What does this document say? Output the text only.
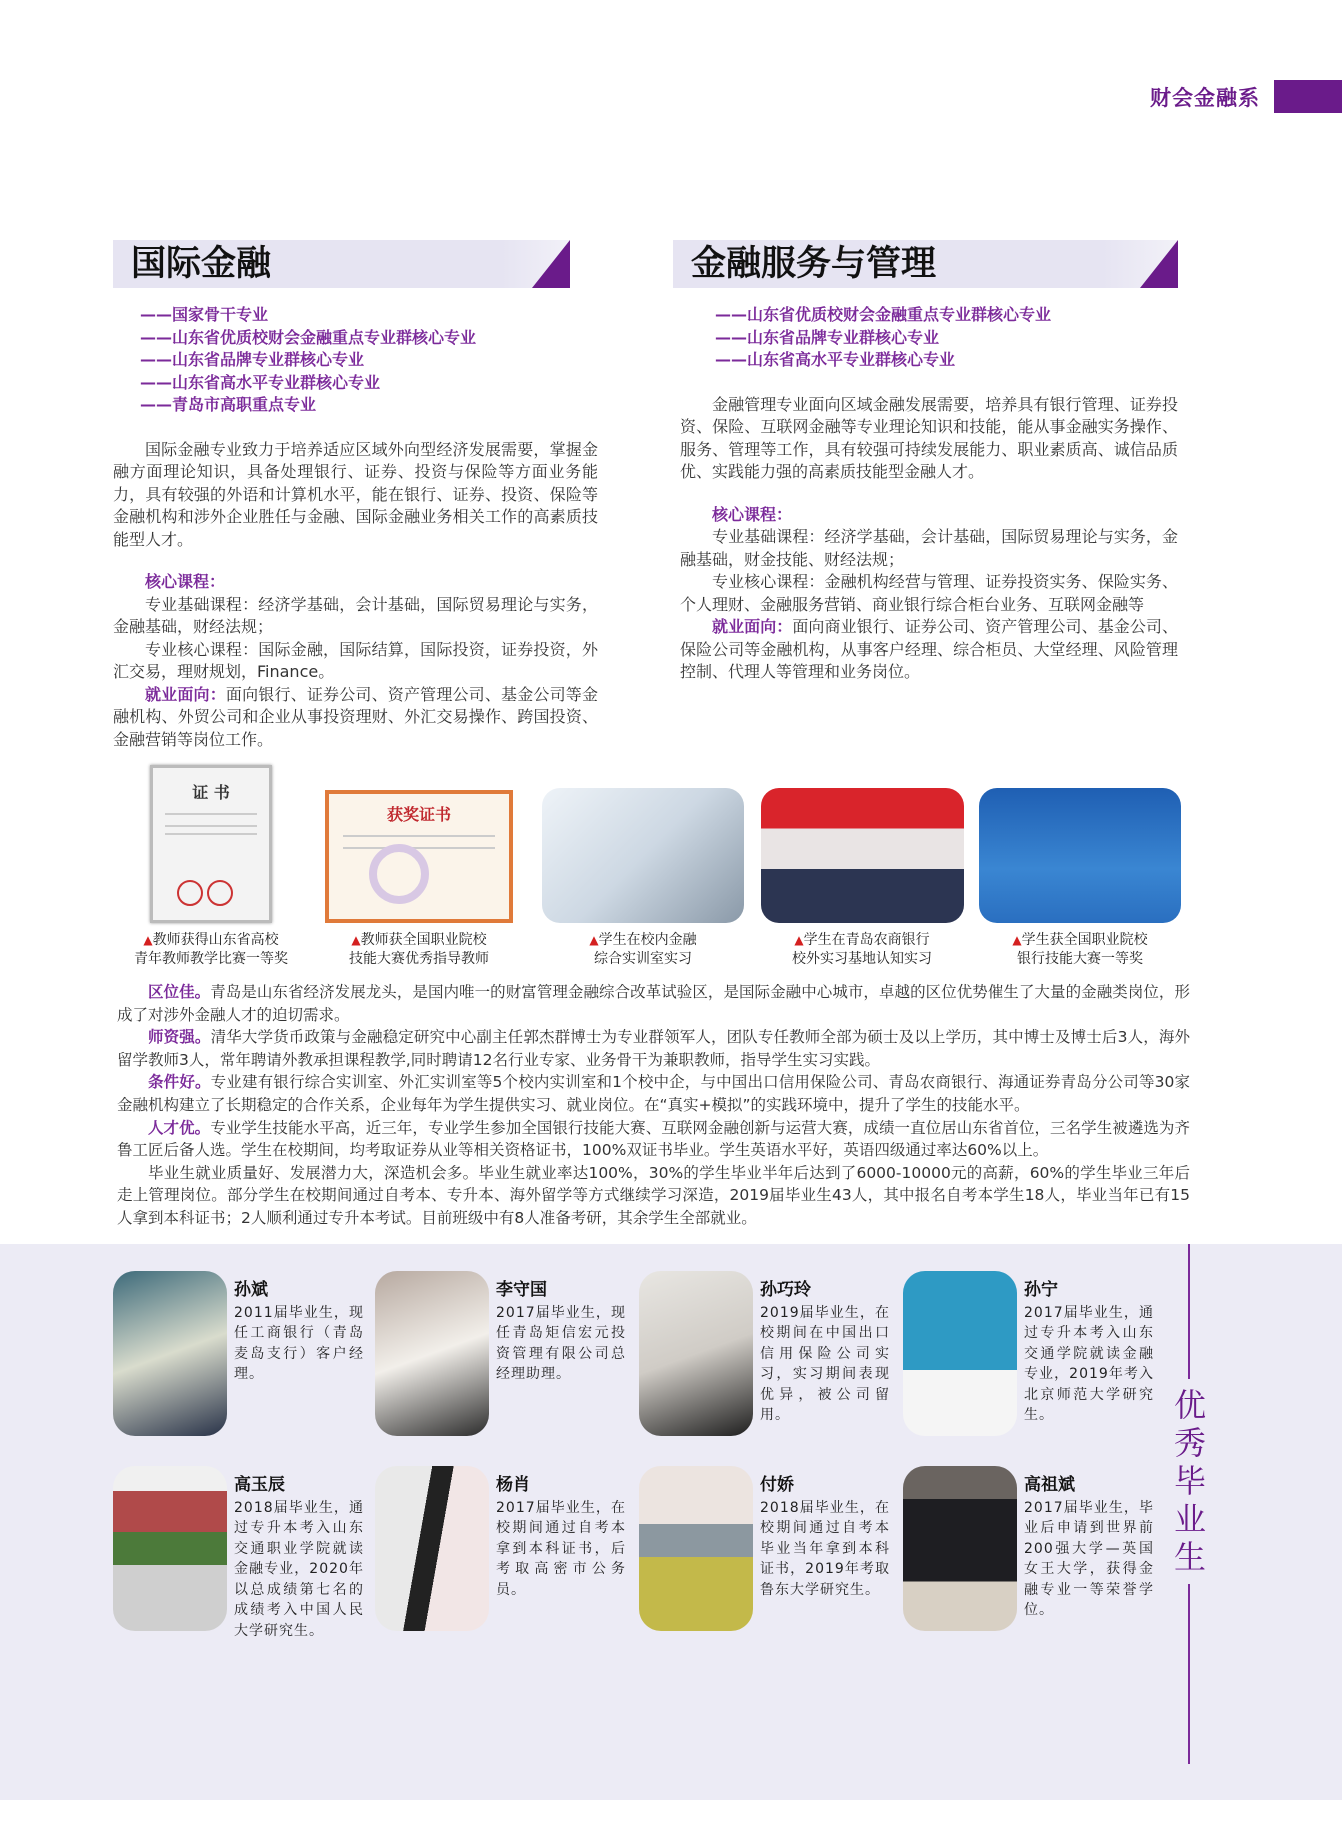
财会金融系
国际金融
——国家骨干专业
——山东省优质校财会金融重点专业群核心专业
——山东省品牌专业群核心专业
——山东省高水平专业群核心专业
——青岛市高职重点专业

国际金融专业致力于培养适应区域外向型经济发展需要，掌握金融方面理论知识，具备处理银行、证券、投资与保险等方面业务能力，具有较强的外语和计算机水平，能在银行、证券、投资、保险等金融机构和涉外企业胜任与金融、国际金融业务相关工作的高素质技能型人才。

核心课程：

专业基础课程：经济学基础，会计基础，国际贸易理论与实务，金融基础，财经法规；

专业核心课程：国际金融，国际结算，国际投资，证券投资，外汇交易，理财规划，Finance。

就业面向：面向银行、证券公司、资产管理公司、基金公司等金融机构、外贸公司和企业从事投资理财、外汇交易操作、跨国投资、金融营销等岗位工作。

金融服务与管理
——山东省优质校财会金融重点专业群核心专业
——山东省品牌专业群核心专业
——山东省高水平专业群核心专业

金融管理专业面向区域金融发展需要，培养具有银行管理、证券投资、保险、互联网金融等专业理论知识和技能，能从事金融实务操作、服务、管理等工作，具有较强可持续发展能力、职业素质高、诚信品质优、实践能力强的高素质技能型金融人才。

核心课程：

专业基础课程：经济学基础，会计基础，国际贸易理论与实务，金融基础，财金技能、财经法规；

专业核心课程：金融机构经营与管理、证券投资实务、保险实务、个人理财、金融服务营销、商业银行综合柜台业务、互联网金融等

就业面向：面向商业银行、证券公司、资产管理公司、基金公司、保险公司等金融机构，从事客户经理、综合柜员、大堂经理、风险管理控制、代理人等管理和业务岗位。

证 书
▲教师获得山东省高校
青年教师教学比赛一等奖
获奖证书
▲教师获全国职业院校
技能大赛优秀指导教师
▲学生在校内金融
综合实训室实习
▲学生在青岛农商银行
校外实习基地认知实习
▲学生获全国职业院校
银行技能大赛一等奖

区位佳。青岛是山东省经济发展龙头，是国内唯一的财富管理金融综合改革试验区，是国际金融中心城市，卓越的区位优势催生了大量的金融类岗位，形成了对涉外金融人才的迫切需求。

师资强。清华大学货币政策与金融稳定研究中心副主任郭杰群博士为专业群领军人，团队专任教师全部为硕士及以上学历，其中博士及博士后3人，海外留学教师3人，常年聘请外教承担课程教学,同时聘请12名行业专家、业务骨干为兼职教师，指导学生实习实践。

条件好。专业建有银行综合实训室、外汇实训室等5个校内实训室和1个校中企，与中国出口信用保险公司、青岛农商银行、海通证券青岛分公司等30家金融机构建立了长期稳定的合作关系，企业每年为学生提供实习、就业岗位。在“真实+模拟”的实践环境中，提升了学生的技能水平。

人才优。专业学生技能水平高，近三年，专业学生参加全国银行技能大赛、互联网金融创新与运营大赛，成绩一直位居山东省首位，三名学生被遴选为齐鲁工匠后备人选。学生在校期间，均考取证券从业等相关资格证书，100%双证书毕业。学生英语水平好，英语四级通过率达60%以上。

毕业生就业质量好、发展潜力大，深造机会多。毕业生就业率达100%，30%的学生毕业半年后达到了6000-10000元的高薪，60%的学生毕业三年后走上管理岗位。部分学生在校期间通过自考本、专升本、海外留学等方式继续学习深造，2019届毕业生43人，其中报名自考本学生18人，毕业当年已有15人拿到本科证书；2人顺利通过专升本考试。目前班级中有8人准备考研，其余学生全部就业。

优秀毕业生
孙斌
2011届毕业生，现任工商银行（青岛麦岛支行）客户经理。
李守国
2017届毕业生，现任青岛矩信宏元投资管理有限公司总经理助理。
孙巧玲
2019届毕业生，在校期间在中国出口信用保险公司实习，实习期间表现优异，被公司留用。
孙宁
2017届毕业生，通过专升本考入山东交通学院就读金融专业，2019年考入北京师范大学研究生。
高玉辰
2018届毕业生，通过专升本考入山东交通职业学院就读金融专业，2020年以总成绩第七名的成绩考入中国人民大学研究生。
杨肖
2017届毕业生，在校期间通过自考本拿到本科证书，后考取高密市公务员。
付娇
2018届毕业生，在校期间通过自考本毕业当年拿到本科证书，2019年考取鲁东大学研究生。
高祖斌
2017届毕业生，毕业后申请到世界前200强大学—英国女王大学，获得金融专业一等荣誉学位。
